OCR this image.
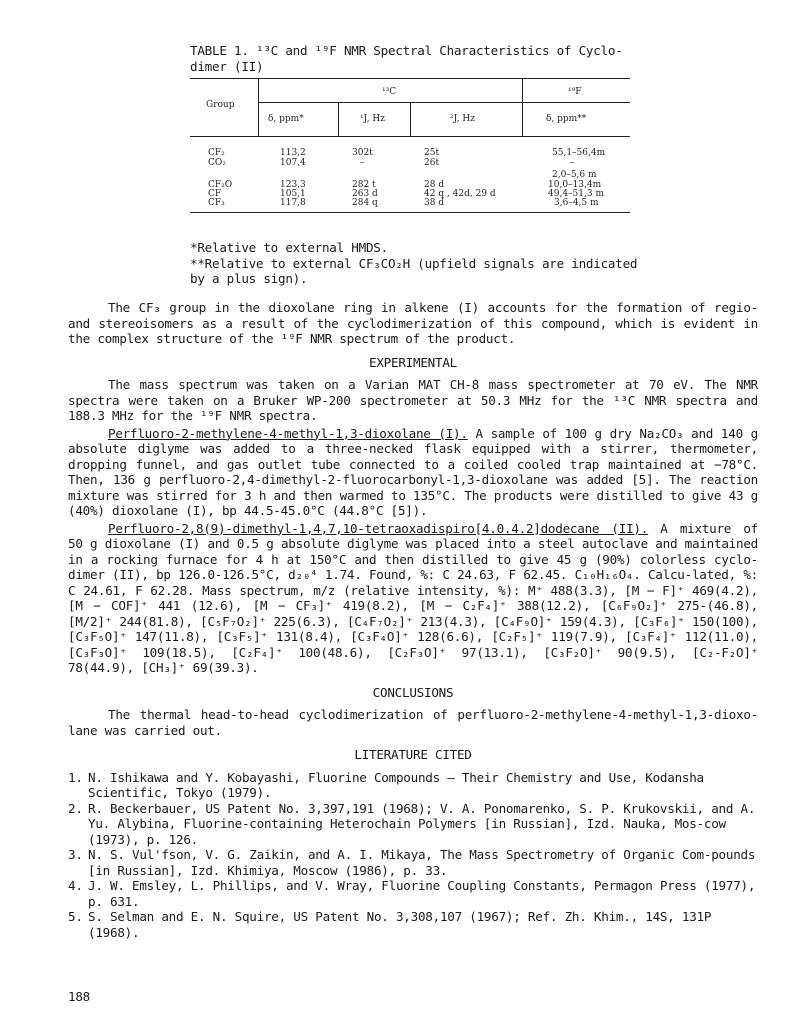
TABLE 1. ¹³C and ¹⁹F NMR Spectral Characteristics of Cyclo-
dimer (II)
Group
¹³C	¹⁹F
δ, ppm*	¹J, Hz	²J, Hz	δ, ppm**
CF₂	113,2	302t	25t	55,1–56,4m
CO₂	107,4	–	26t	–
2,0–5,6 m
CF₂O	123,3	282 t	28 d	10,0–13,4m
CF	105,1	263 d	42 q , 42d, 29 d	49,4–51,3 m
CF₃	117,8	284 q	38 d	3,6–4,5 m
*Relative to external HMDS.
**Relative to external CF₃CO₂H (upfield signals are indicated
by a plus sign).

The CF₃ group in the dioxolane ring in alkene (I) accounts for the formation of regio- and stereoisomers as a result of the cyclodimerization of this compound, which is evident in the complex structure of the ¹⁹F NMR spectrum of the product.

EXPERIMENTAL

The mass spectrum was taken on a Varian MAT CH-8 mass spectrometer at 70 eV. The NMR spectra were taken on a Bruker WP-200 spectrometer at 50.3 MHz for the ¹³C NMR spectra and 188.3 MHz for the ¹⁹F NMR spectra.

Perfluoro-2-methylene-4-methyl-1,3-dioxolane (I). A sample of 100 g dry Na₂CO₃ and 140 g absolute diglyme was added to a three-necked flask equipped with a stirrer, thermometer, dropping funnel, and gas outlet tube connected to a coiled cooled trap maintained at −78°C. Then, 136 g perfluoro-2,4-dimethyl-2-fluorocarbonyl-1,3-dioxolane was added [5]. The reaction mixture was stirred for 3 h and then warmed to 135°C. The products were distilled to give 43 g (40%) dioxolane (I), bp 44.5-45.0°C (44.8°C [5]).

Perfluoro-2,8(9)-dimethyl-1,4,7,10-tetraoxadispiro[4.0.4.2]dodecane (II). A mixture of 50 g dioxolane (I) and 0.5 g absolute diglyme was placed into a steel autoclave and maintained in a rocking furnace for 4 h at 150°C and then distilled to give 45 g (90%) colorless cyclo-dimer (II), bp 126.0-126.5°C, d₂₀⁴ 1.74. Found, %: C 24.63, F 62.45. C₁₀H₁₆O₄. Calcu-lated, %: C 24.61, F 62.28. Mass spectrum, m/z (relative intensity, %): M⁺ 488(3.3), [M − F]⁺ 469(4.2), [M − COF]⁺ 441 (12.6), [M − CF₃]⁺ 419(8.2), [M − C₂F₄]⁺ 388(12.2), [C₆F₉O₂]⁺ 275-(46.8), [M/2]⁺ 244(81.8), [C₅F₇O₂]⁺ 225(6.3), [C₄F₇O₂]⁺ 213(4.3), [C₄F₉O]⁺ 159(4.3), [C₃F₆]⁺ 150(100), [C₃F₅O]⁺ 147(11.8), [C₃F₅]⁺ 131(8.4), [C₃F₄O]⁺ 128(6.6), [C₂F₅]⁺ 119(7.9), [C₃F₄]⁺ 112(11.0), [C₃F₃O]⁺ 109(18.5), [C₂F₄]⁺ 100(48.6), [C₂F₃O]⁺ 97(13.1), [C₃F₂O]⁺ 90(9.5), [C₂-F₂O]⁺ 78(44.9), [CH₃]⁺ 69(39.3).

CONCLUSIONS

The thermal head-to-head cyclodimerization of perfluoro-2-methylene-4-methyl-1,3-dioxo-lane was carried out.

LITERATURE CITED

1. N. Ishikawa and Y. Kobayashi, Fluorine Compounds — Their Chemistry and Use, Kodansha Scientific, Tokyo (1979).
2. R. Beckerbauer, US Patent No. 3,397,191 (1968); V. A. Ponomarenko, S. P. Krukovskii, and A. Yu. Alybina, Fluorine-containing Heterochain Polymers [in Russian], Izd. Nauka, Mos-cow (1973), p. 126.
3. N. S. Vul'fson, V. G. Zaikin, and A. I. Mikaya, The Mass Spectrometry of Organic Com-pounds [in Russian], Izd. Khimiya, Moscow (1986), p. 33.
4. J. W. Emsley, L. Phillips, and V. Wray, Fluorine Coupling Constants, Permagon Press (1977), p. 631.
5. S. Selman and E. N. Squire, US Patent No. 3,308,107 (1967); Ref. Zh. Khim., 14S, 131P (1968).
188
